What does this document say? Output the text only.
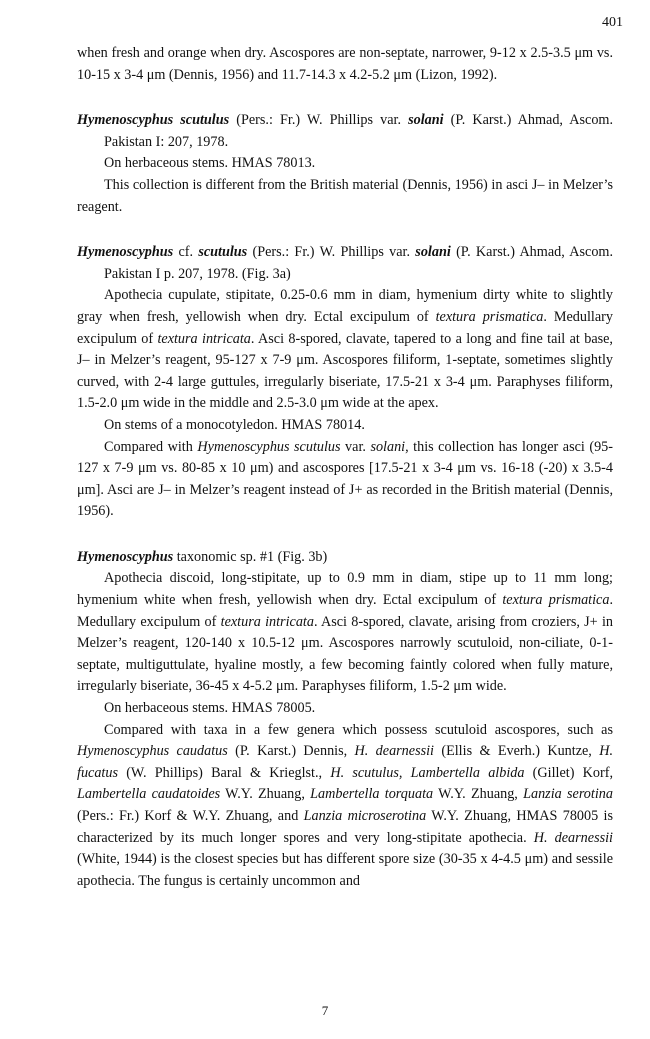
401

when fresh and orange when dry. Ascospores are non-septate, narrower, 9-12 x 2.5-3.5 μm vs. 10-15 x 3-4 μm (Dennis, 1956) and 11.7-14.3 x 4.2-5.2 μm (Lizon, 1992).

Hymenoscyphus scutulus (Pers.: Fr.) W. Phillips var. solani (P. Karst.) Ahmad, Ascom. Pakistan I: 207, 1978.

On herbaceous stems. HMAS 78013.

This collection is different from the British material (Dennis, 1956) in asci J– in Melzer’s reagent.

Hymenoscyphus cf. scutulus (Pers.: Fr.) W. Phillips var. solani (P. Karst.) Ahmad, Ascom. Pakistan I p. 207, 1978. (Fig. 3a)

Apothecia cupulate, stipitate, 0.25-0.6 mm in diam, hymenium dirty white to slightly gray when fresh, yellowish when dry. Ectal excipulum of textura prismatica. Medullary excipulum of textura intricata. Asci 8-spored, clavate, tapered to a long and fine tail at base, J– in Melzer’s reagent, 95-127 x 7-9 μm. Ascospores filiform, 1-septate, sometimes slightly curved, with 2-4 large guttules, irregularly biseriate, 17.5-21 x 3-4 μm. Paraphyses filiform, 1.5-2.0 μm wide in the middle and 2.5-3.0 μm wide at the apex.

On stems of a monocotyledon. HMAS 78014.

Compared with Hymenoscyphus scutulus var. solani, this collection has longer asci (95-127 x 7-9 μm vs. 80-85 x 10 μm) and ascospores [17.5-21 x 3-4 μm vs. 16-18 (-20) x 3.5-4 μm]. Asci are J– in Melzer’s reagent instead of J+ as recorded in the British material (Dennis, 1956).

Hymenoscyphus taxonomic sp. #1 (Fig. 3b)

Apothecia discoid, long-stipitate, up to 0.9 mm in diam, stipe up to 11 mm long; hymenium white when fresh, yellowish when dry. Ectal excipulum of textura prismatica. Medullary excipulum of textura intricata. Asci 8-spored, clavate, arising from croziers, J+ in Melzer’s reagent, 120-140 x 10.5-12 μm. Ascospores narrowly scutuloid, non-ciliate, 0-1-septate, multiguttulate, hyaline mostly, a few becoming faintly colored when fully mature, irregularly biseriate, 36-45 x 4-5.2 μm. Paraphyses filiform, 1.5-2 μm wide.

On herbaceous stems. HMAS 78005.

Compared with taxa in a few genera which possess scutuloid ascospores, such as Hymenoscyphus caudatus (P. Karst.) Dennis, H. dearnessii (Ellis & Everh.) Kuntze, H. fucatus (W. Phillips) Baral & Krieglst., H. scutulus, Lambertella albida (Gillet) Korf, Lambertella caudatoides W.Y. Zhuang, Lambertella torquata W.Y. Zhuang, Lanzia serotina (Pers.: Fr.) Korf & W.Y. Zhuang, and Lanzia microserotina W.Y. Zhuang, HMAS 78005 is characterized by its much longer spores and very long-stipitate apothecia. H. dearnessii (White, 1944) is the closest species but has different spore size (30-35 x 4-4.5 μm) and sessile apothecia. The fungus is certainly uncommon and

7
